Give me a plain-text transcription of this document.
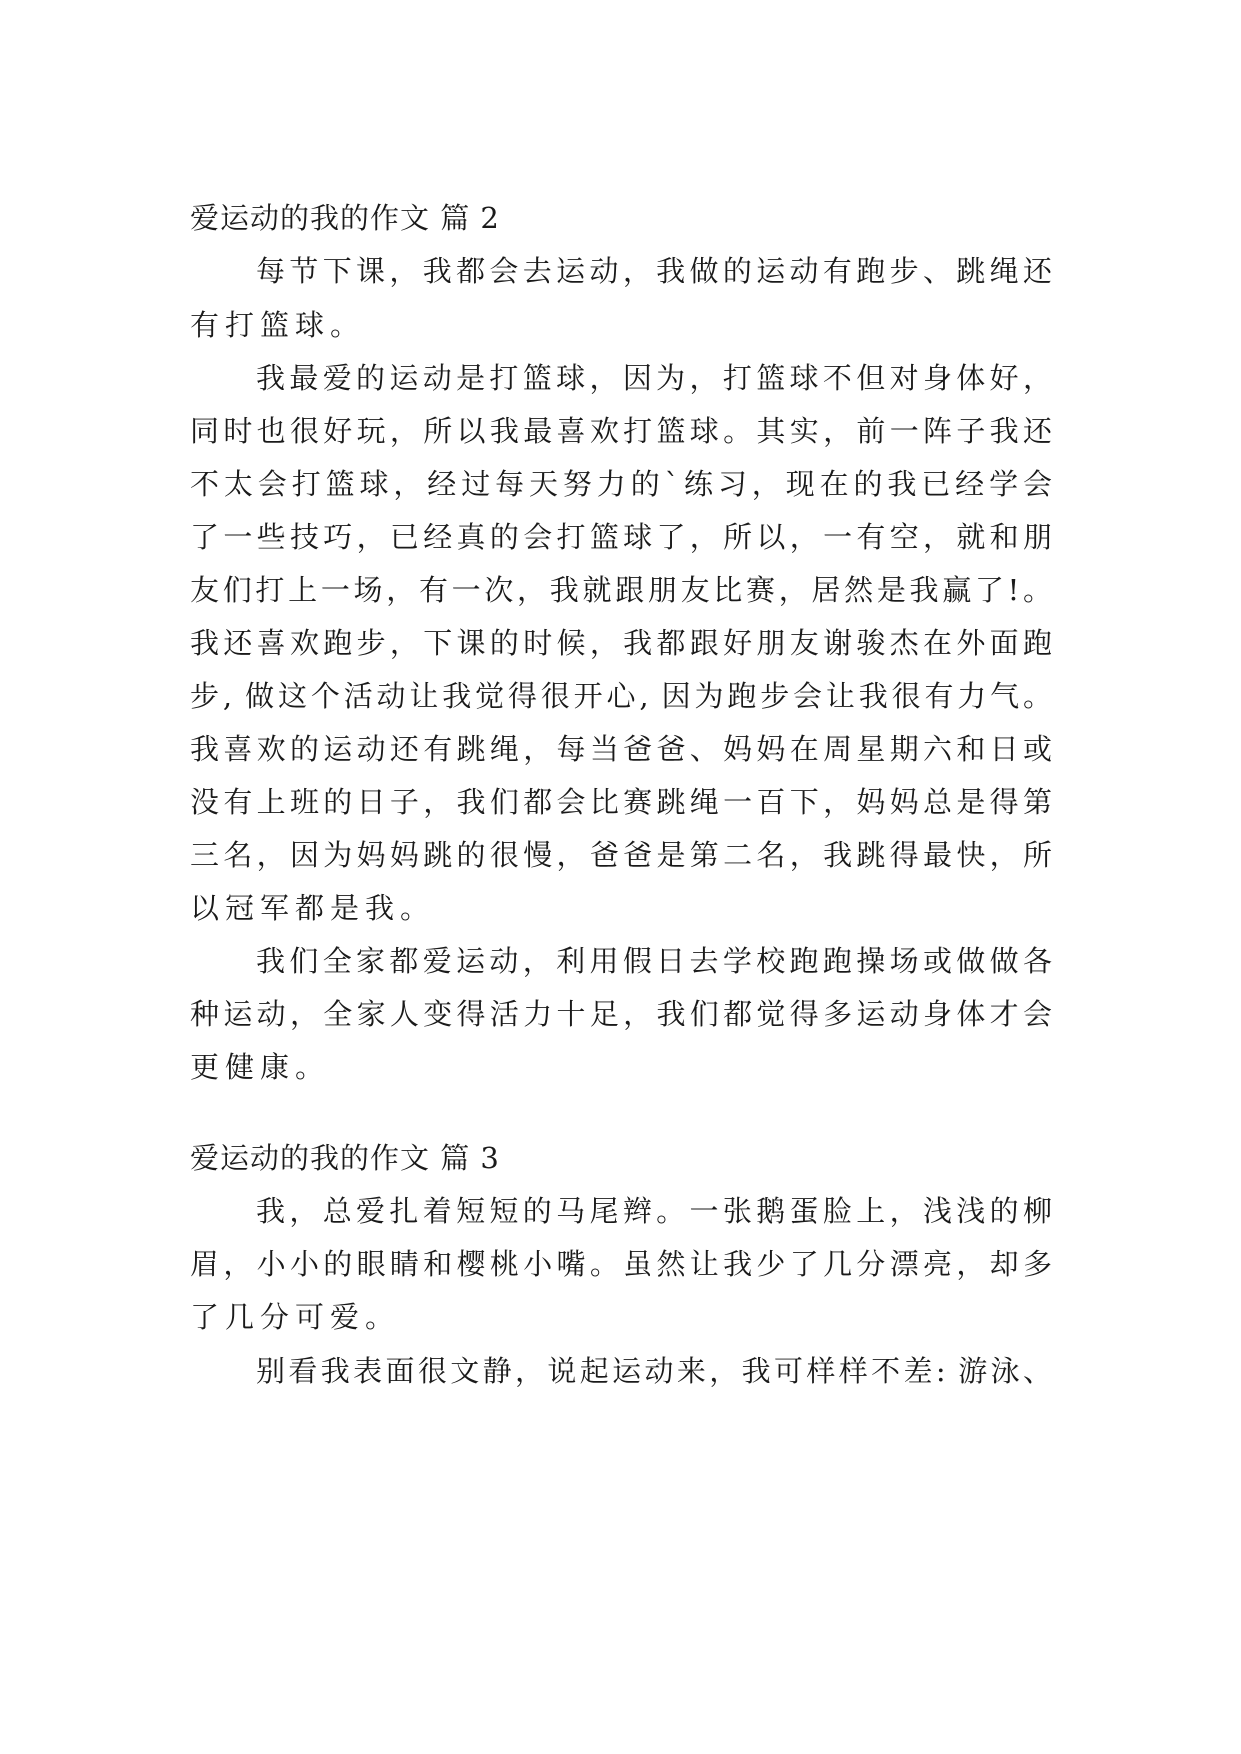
爱运动的我的作文 篇 2

每节下课，我都会去运动，我做的运动有跑步、跳绳还

有打篮球。

我最爱的运动是打篮球，因为，打篮球不但对身体好，

同时也很好玩，所以我最喜欢打篮球。其实，前一阵子我还

不太会打篮球，经过每天努力的`练习，现在的我已经学会

了一些技巧，已经真的会打篮球了，所以，一有空，就和朋

友们打上一场，有一次，我就跟朋友比赛，居然是我赢了!。

我还喜欢跑步，下课的时候，我都跟好朋友谢骏杰在外面跑

步, 做这个活动让我觉得很开心, 因为跑步会让我很有力气。

我喜欢的运动还有跳绳，每当爸爸、妈妈在周星期六和日或

没有上班的日子，我们都会比赛跳绳一百下，妈妈总是得第

三名，因为妈妈跳的很慢，爸爸是第二名，我跳得最快，所

以冠军都是我。

我们全家都爱运动，利用假日去学校跑跑操场或做做各

种运动，全家人变得活力十足，我们都觉得多运动身体才会

更健康。

爱运动的我的作文 篇 3

我，总爱扎着短短的马尾辫。一张鹅蛋脸上，浅浅的柳

眉，小小的眼睛和樱桃小嘴。虽然让我少了几分漂亮，却多

了几分可爱。

别看我表面很文静，说起运动来，我可样样不差: 游泳、
